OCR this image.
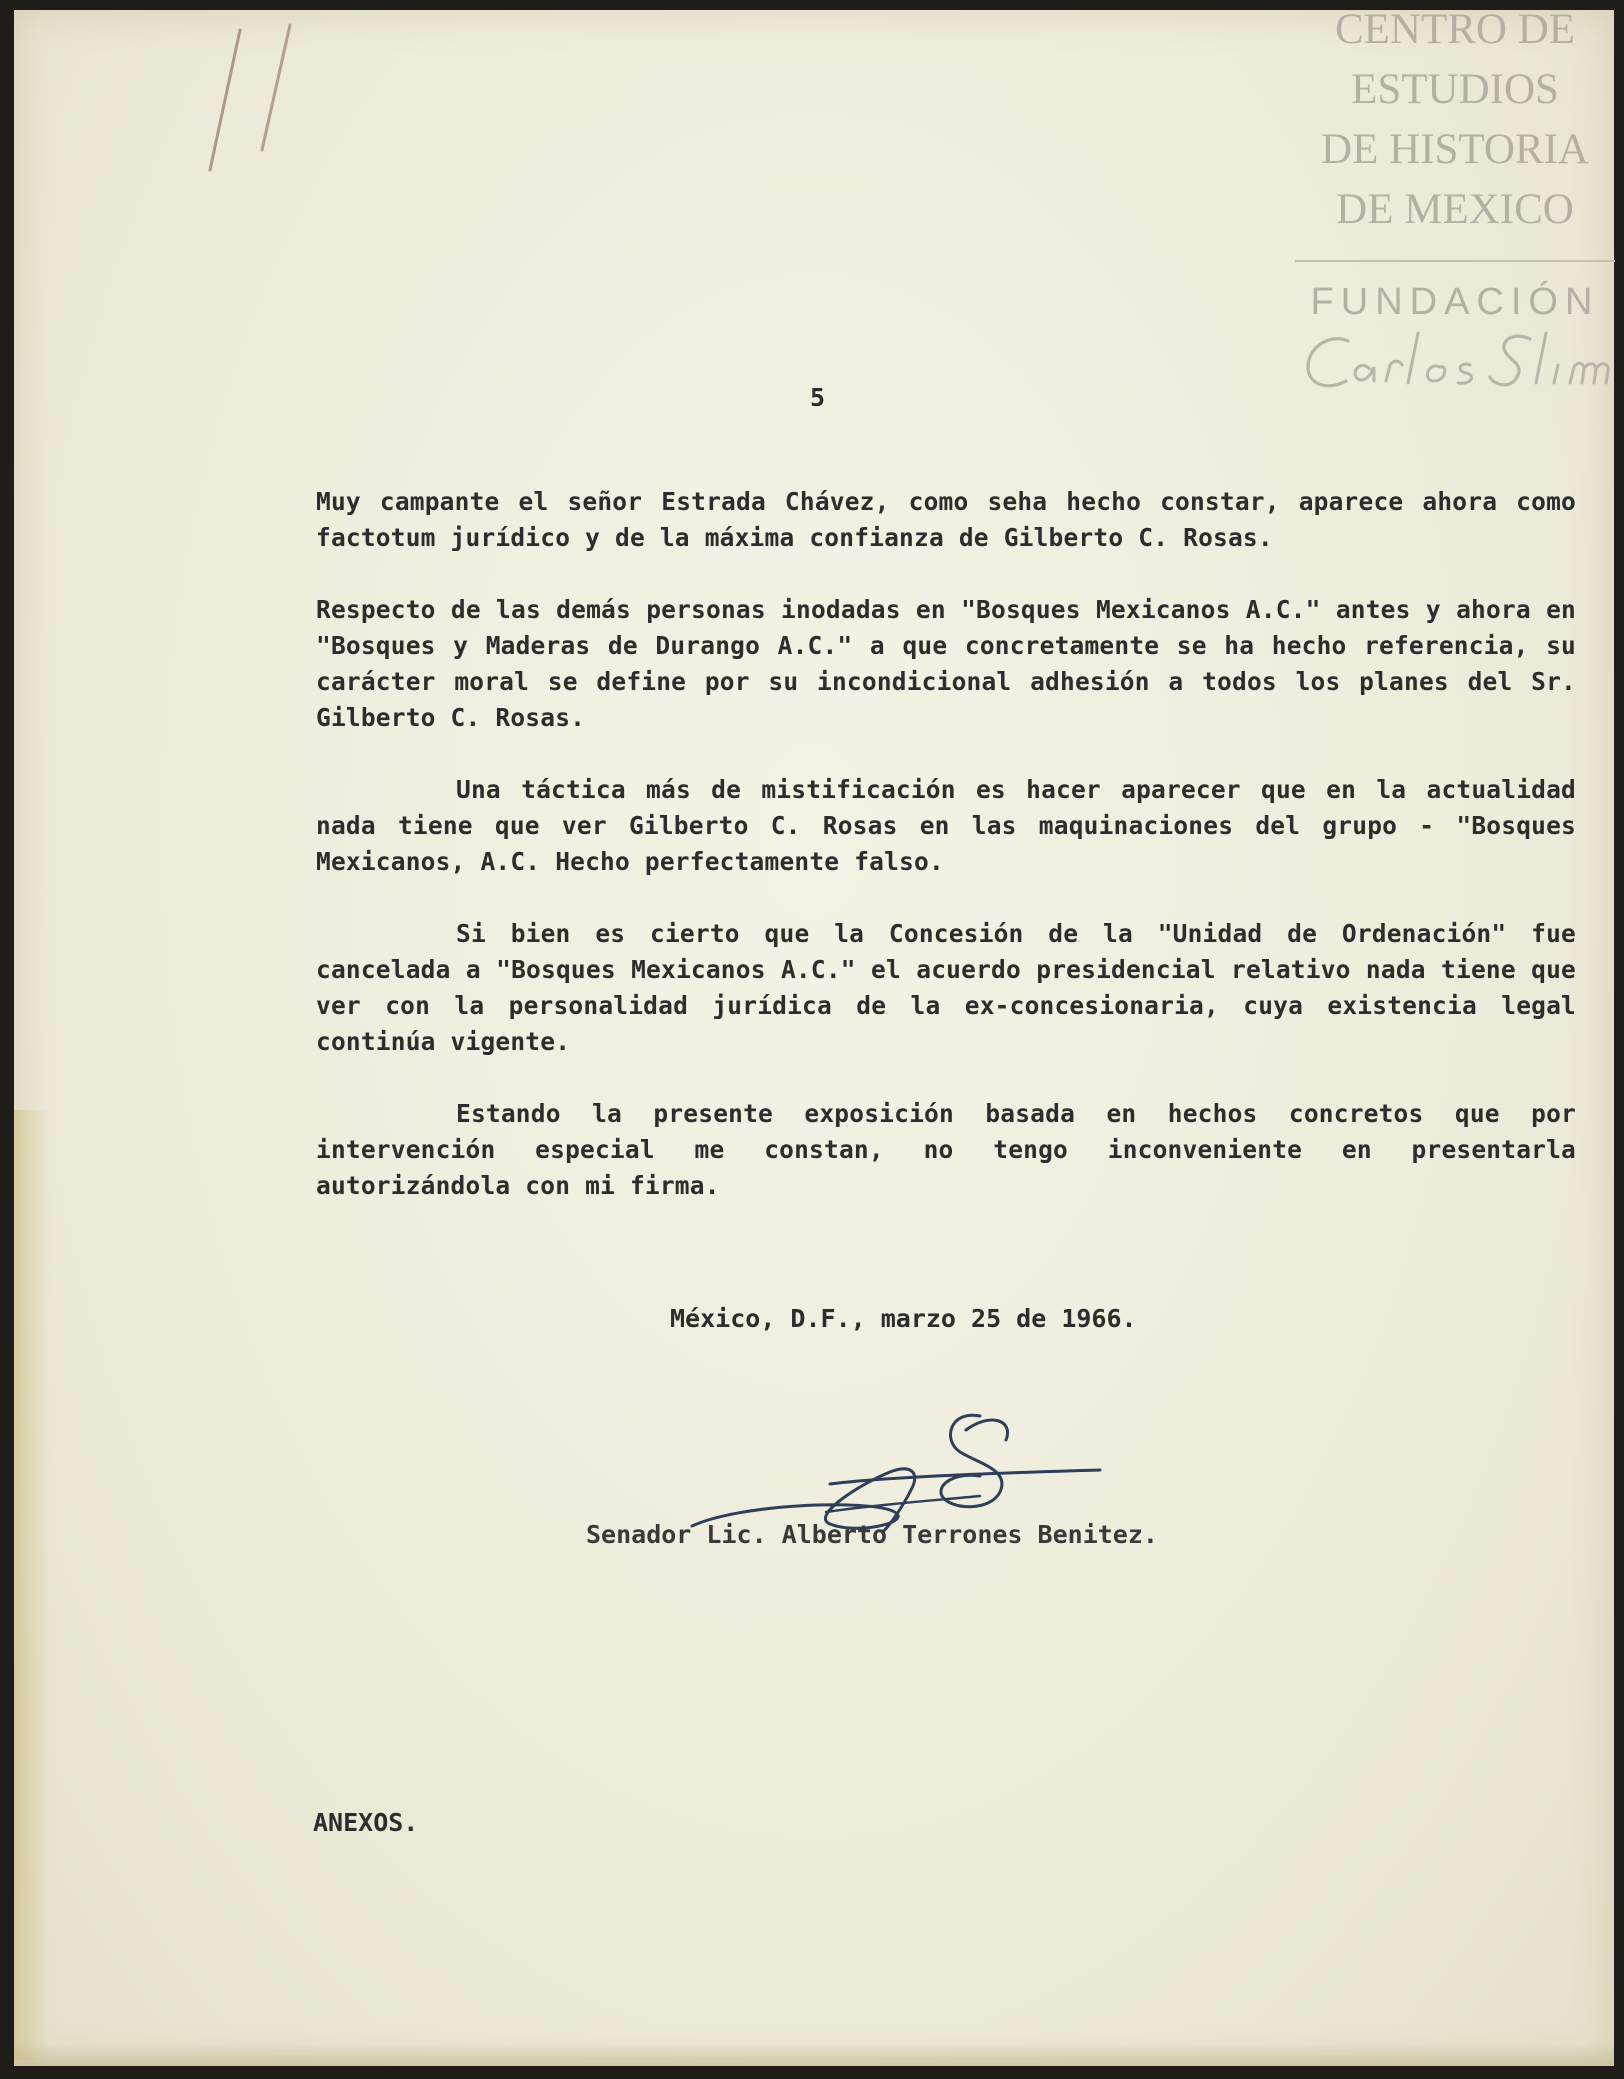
CENTRO DE
ESTUDIOS
DE HISTORIA
DE MEXICO
FUNDACIÓN
5

Muy campante el señor Estrada Chávez, como seha hecho constar, aparece ahora como factotum jurídico y de la máxima confianza de Gilberto C. Rosas.

Respecto de las demás personas inodadas en "Bosques Mexicanos A.C." antes y ahora en "Bosques y Maderas de Durango A.C." a que concretamente se ha hecho referencia, su carácter moral se define por su incondicional adhesión a todos los planes del Sr. Gilberto C. Rosas.

Una táctica más de mistificación es hacer aparecer que en la actualidad nada tiene que ver Gilberto C. Rosas en las maquinaciones del grupo - "Bosques Mexicanos, A.C. Hecho perfectamente falso.

Si bien es cierto que la Concesión de la "Unidad de Ordenación" fue cancelada a "Bosques Mexicanos A.C." el acuerdo presidencial relativo nada tiene que ver con la personalidad jurídica de la ex-concesionaria, cuya existencia legal continúa vigente.

Estando la presente exposición basada en hechos concretos que por intervención especial me constan, no tengo inconveniente en presentarla autorizándola con mi firma.

México, D.F., marzo 25 de 1966.
Senador Lic. Alberto Terrones Benitez.
ANEXOS.
